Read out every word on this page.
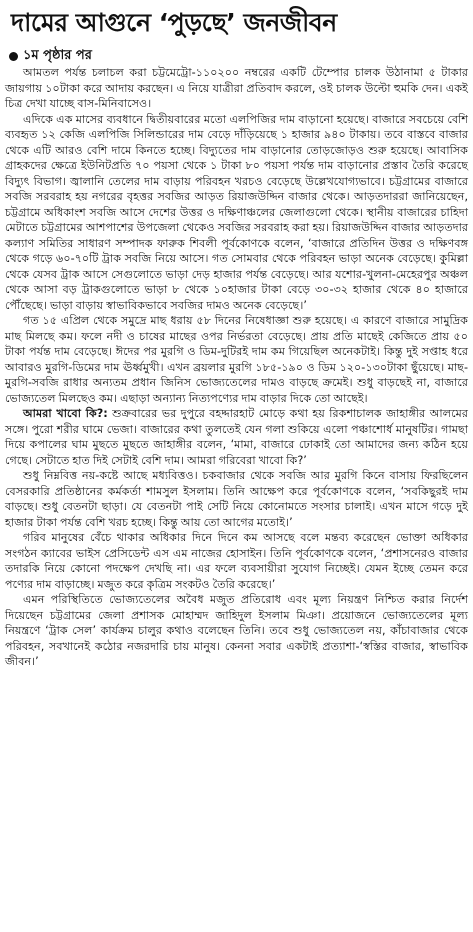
দামের আগুনে ‘পুড়ছে’ জনজীবন
১ম পৃষ্ঠার পর

আমতল পর্যন্ত চলাচল করা চট্টমেট্রো-১১০২০০ নম্বরের একটি টেম্পোর চালক উঠানামা ৫ টাকার জায়গায় ১০টাকা করে আদায় করছেন। এ নিয়ে যাত্রীরা প্রতিবাদ করলে, ওই চালক উল্টো হুমকি দেন। একই চিত্র দেখা যাচ্ছে বাস-মিনিবাসেও।

এদিকে এক মাসের ব্যবধানে দ্বিতীয়বারের মতো এলপিজির দাম বাড়ানো হয়েছে। বাজারে সবচেয়ে বেশি ব্যবহৃত ১২ কেজি এলপিজি সিলিন্ডারের দাম বেড়ে দাঁড়িয়েছে ১ হাজার ৯৪০ টাকায়। তবে বাস্তবে বাজার থেকে এটি আরও বেশি দামে কিনতে হচ্ছে। বিদ্যুতের দাম বাড়ানোর তোড়জোড়ও শুরু হয়েছে। আবাসিক গ্রাহকদের ক্ষেত্রে ইউনিটপ্রতি ৭০ পয়সা থেকে ১ টাকা ৮০ পয়সা পর্যন্ত দাম বাড়ানোর প্রস্তাব তৈরি করেছে বিদ্যুৎ বিভাগ। জ্বালানি তেলের দাম বাড়ায় পরিবহন খরচও বেড়েছে উল্লেখযোগ্যভাবে। চট্টগ্রামের বাজারে সবজি সরবরাহ হয় নগরের বৃহত্তর সবজির আড়ত রিয়াজউদ্দিন বাজার থেকে। আড়তদাররা জানিয়েছেন, চট্টগ্রামে অধিকাংশ সবজি আসে দেশের উত্তর ও দক্ষিণাঞ্চলের জেলাগুলো থেকে। স্থানীয় বাজারের চাহিদা মেটাতে চট্টগ্রামের আশপাশের উপজেলা থেকেও সবজির সরবরাহ করা হয়। রিয়াজউদ্দিন বাজার আড়তদার কল্যাণ সমিতির সাধারণ সম্পাদক ফারুক শিবলী পূর্বকোণকে বলেন, ‘বাজারে প্রতিদিন উত্তর ও দক্ষিণবঙ্গ থেকে গড়ে ৬০-৭০টি ট্রাক সবজি নিয়ে আসে। গত সোমবার থেকে পরিবহন ভাড়া অনেক বেড়েছে। কুমিল্লা থেকে যেসব ট্রাক আসে সেগুলোতে ভাড়া দেড় হাজার পর্যন্ত বেড়েছে। আর যশোর-খুলনা-মেহেরপুর অঞ্চল থেকে আসা বড় ট্রাকগুলোতে ভাড়া ৮ থেকে ১০হাজার টাকা বেড়ে ৩০-৩২ হাজার থেকে ৪০ হাজারে পৌঁছেছে। ভাড়া বাড়ায় স্বাভাবিকভাবে সবজির দামও অনেক বেড়েছে।’

গত ১৫ এপ্রিল থেকে সমুদ্রে মাছ ধরায় ৫৮ দিনের নিষেধাজ্ঞা শুরু হয়েছে। এ কারণে বাজারে সামুদ্রিক মাছ মিলছে কম। ফলে নদী ও চাষের মাছের ওপর নির্ভরতা বেড়েছে। প্রায় প্রতি মাছেই কেজিতে প্রায় ৫০ টাকা পর্যন্ত দাম বেড়েছে। ঈদের পর মুরগি ও ডিম-দুটিরই দাম কম গিয়েছিল অনেকটাই। কিন্তু দুই সপ্তাহ ধরে আবারও মুরগি-ডিমের দাম ঊর্ধ্বমুখী। এখন ব্রয়লার মুরগি ১৮৫-১৯০ ও ডিম ১২০-১৩০টাকা ছুঁয়েছে। মাছ-মুরগি-সবজি রাধার অন্যতম প্রধান জিনিস ভোজ্যতেলের দামও বাড়ছে ক্রমেই। শুধু বাড়ছেই না, বাজারে ভোজ্যতেল মিলছেও কম। এছাড়া অন্যান্য নিত্যপণ্যের দাম বাড়ার দিকে তো আছেই।

আমরা খাবো কি?: শুক্রবারের ভর দুপুরে বহদ্দারহাট মোড়ে কথা হয় রিকশাচালক জাহাঙ্গীর আলমের সঙ্গে। পুরো শরীর ঘামে ভেজা। বাজারের কথা তুলতেই যেন গলা শুকিয়ে এলো পঞ্চাশোর্ধ মানুষটির। গামছা দিয়ে কপালের ঘাম মুছতে মুছতে জাহাঙ্গীর বলেন, ‘মামা, বাজারে ঢোকাই তো আমাদের জন্য কঠিন হয়ে গেছে। সেটাতে হাত দিই সেটাই বেশি দাম। আমরা গরিবেরা খাবো কি?’

শুধু নিম্নবিত্ত নয়-কষ্টে আছে মধ্যবিত্তও। চকবাজার থেকে সবজি আর মুরগি কিনে বাসায় ফিরছিলেন বেসরকারি প্রতিষ্ঠানের কর্মকর্তা শামসুল ইসলাম। তিনি আক্ষেপ করে পূর্বকোণকে বলেন, ‘সবকিছুরই দাম বাড়ছে। শুধু বেতনটা ছাড়া। যে বেতনটা পাই সেটি নিয়ে কোনোমতে সংসার চালাই। এখন মাসে গড়ে দুই হাজার টাকা পর্যন্ত বেশি খরচ হচ্ছে। কিন্তু আয় তো আগের মতোই।’

গরিব মানুষের বেঁচে থাকার অধিকার দিনে দিনে কম আসছে বলে মন্তব্য করেছেন ভোক্তা অধিকার সংগঠন ক্যাবের ভাইস প্রেসিডেন্ট এস এম নাজের হোসাইন। তিনি পূর্বকোণকে বলেন, ‘প্রশাসনেরও বাজার তদারকি নিয়ে কোনো পদক্ষেপ দেখছি না। এর ফলে ব্যবসায়ীরা সুযোগ নিচ্ছেই। যেমন ইচ্ছে তেমন করে পণ্যের দাম বাড়াচ্ছে। মজুত করে কৃত্রিম সংকটও তৈরি করেছে।’

এমন পরিস্থিতিতে ভোজ্যতেলের অবৈধ মজুত প্রতিরোধ এবং মূল্য নিয়ন্ত্রণ নিশ্চিত করার নির্দেশ দিয়েছেন চট্টগ্রামের জেলা প্রশাসক মোহাম্মদ জাহিদুল ইসলাম মিঞা। প্রয়োজনে ভোজ্যতেলের মূল্য নিয়ন্ত্রণে ‘ট্রাক সেল’ কার্যক্রম চালুর কথাও বলেছেন তিনি। তবে শুধু ভোজ্যতেল নয়, কাঁচাবাজার থেকে পরিবহন, সবখানেই কঠোর নজরদারি চায় মানুষ। কেননা সবার একটাই প্রত্যাশা-‘স্বস্তির বাজার, স্বাভাবিক জীবন।’
